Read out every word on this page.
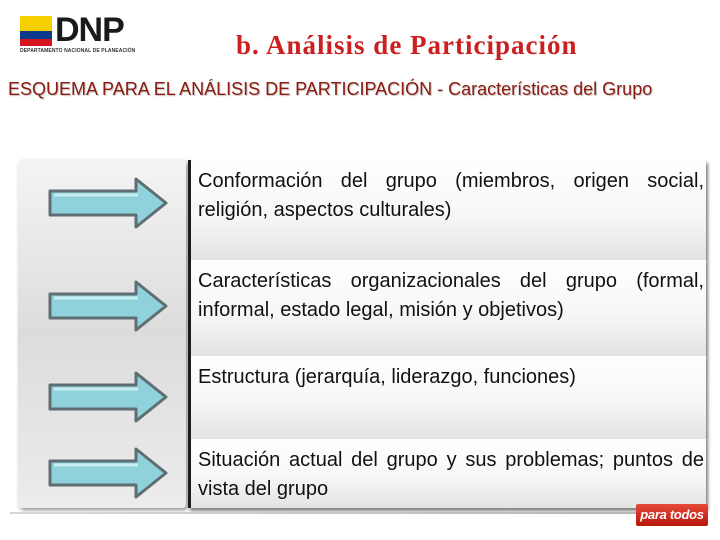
DNP
DEPARTAMENTO NACIONAL DE PLANEACIÓN	b. Análisis de Participación
ESQUEMA PARA EL ANÁLISIS DE PARTICIPACIÓN - Características del Grupo
Conformación del grupo (miembros, origen social, religión, aspectos culturales)
Características organizacionales del grupo (formal, informal, estado legal, misión y objetivos)
Estructura (jerarquía, liderazgo, funciones)
Situación actual del grupo y sus problemas; puntos de vista del grupo
para todos
